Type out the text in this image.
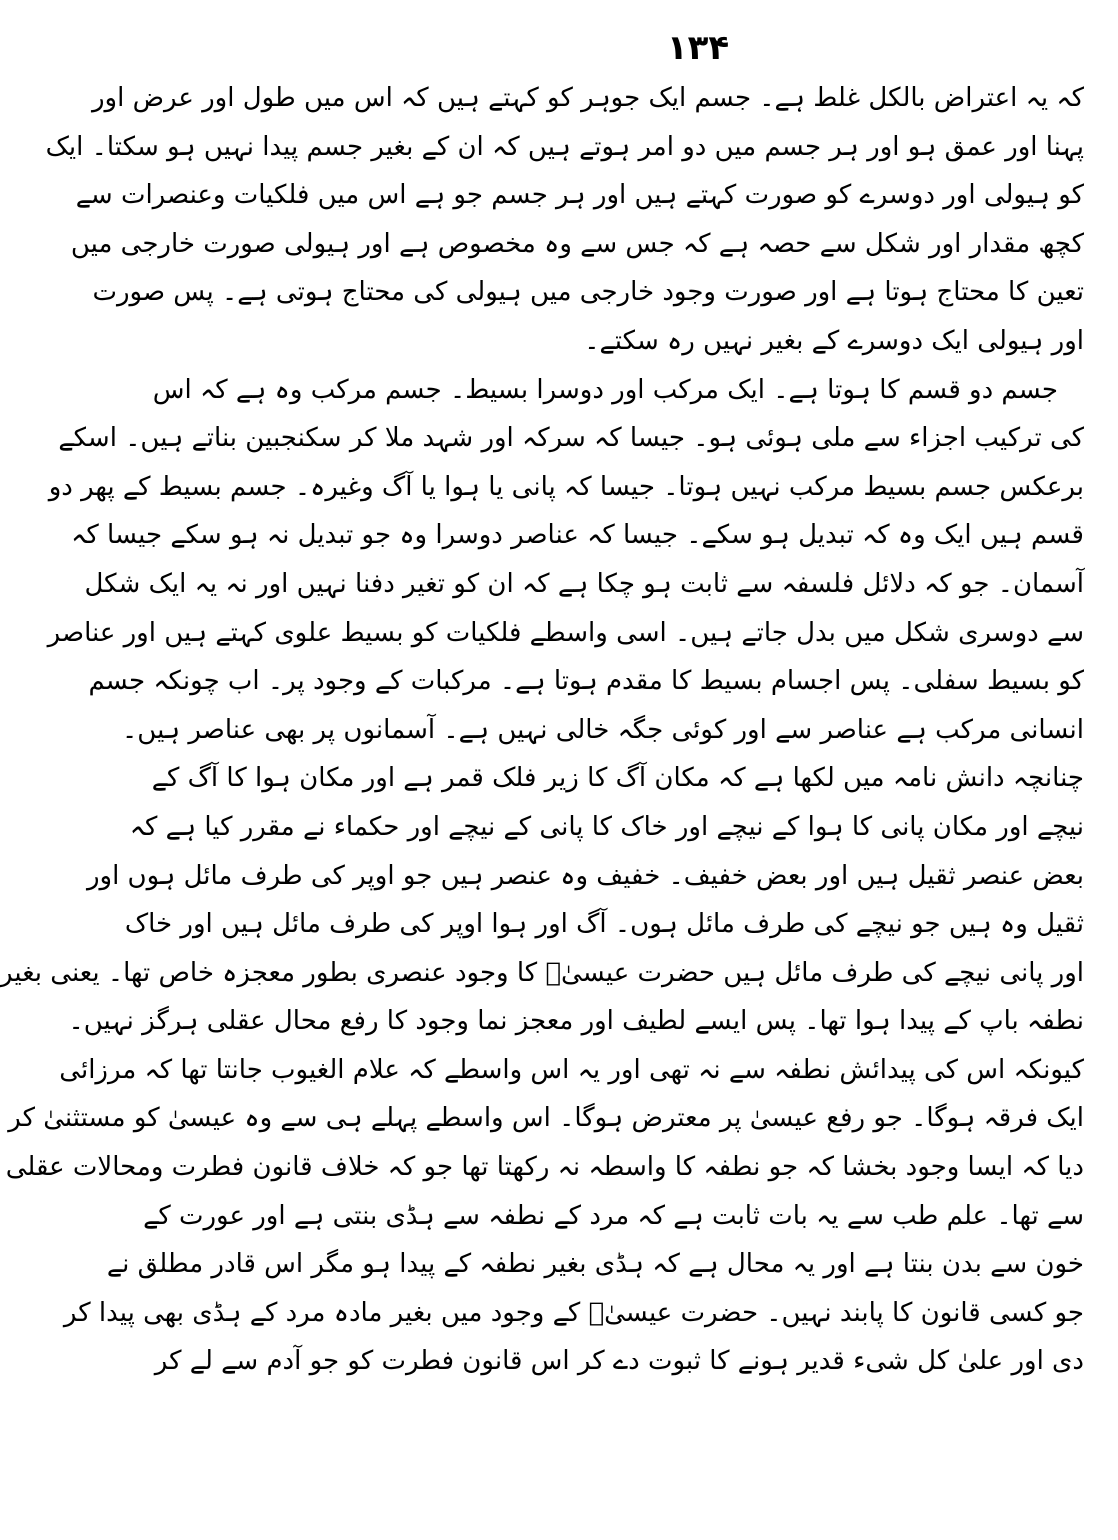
۱۳۴
کہ یہ اعتراض بالکل غلط ہے۔ جسم ایک جوہر کو کہتے ہیں کہ اس میں طول اور عرض اور
پہنا اور عمق ہو اور ہر جسم میں دو امر ہوتے ہیں کہ ان کے بغیر جسم پیدا نہیں ہو سکتا۔ ایک
کو ہیولی اور دوسرے کو صورت کہتے ہیں اور ہر جسم جو ہے اس میں فلکیات وعنصرات سے
کچھ مقدار اور شکل سے حصہ ہے کہ جس سے وہ مخصوص ہے اور ہیولی صورت خارجی میں
تعین کا محتاج ہوتا ہے اور صورت وجود خارجی میں ہیولی کی محتاج ہوتی ہے۔ پس صورت
اور ہیولی ایک دوسرے کے بغیر نہیں رہ سکتے۔
جسم دو قسم کا ہوتا ہے۔ ایک مرکب اور دوسرا بسیط۔ جسم مرکب وہ ہے کہ اس
کی ترکیب اجزاء سے ملی ہوئی ہو۔ جیسا کہ سرکہ اور شہد ملا کر سکنجبین بناتے ہیں۔ اسکے
برعکس جسم بسیط مرکب نہیں ہوتا۔ جیسا کہ پانی یا ہوا یا آگ وغیرہ۔ جسم بسیط کے پھر دو
قسم ہیں ایک وہ کہ تبدیل ہو سکے۔ جیسا کہ عناصر دوسرا وہ جو تبدیل نہ ہو سکے جیسا کہ
آسمان۔ جو کہ دلائل فلسفہ سے ثابت ہو چکا ہے کہ ان کو تغیر دفنا نہیں اور نہ یہ ایک شکل
سے دوسری شکل میں بدل جاتے ہیں۔ اسی واسطے فلکیات کو بسیط علوی کہتے ہیں اور عناصر
کو بسیط سفلی۔ پس اجسام بسیط کا مقدم ہوتا ہے۔ مرکبات کے وجود پر۔ اب چونکہ جسم
انسانی مرکب ہے عناصر سے اور کوئی جگہ خالی نہیں ہے۔ آسمانوں پر بھی عناصر ہیں۔
چنانچہ دانش نامہ میں لکھا ہے کہ مکان آگ کا زیر فلک قمر ہے اور مکان ہوا کا آگ کے
نیچے اور مکان پانی کا ہوا کے نیچے اور خاک کا پانی کے نیچے اور حکماء نے مقرر کیا ہے کہ
بعض عنصر ثقیل ہیں اور بعض خفیف۔ خفیف وہ عنصر ہیں جو اوپر کی طرف مائل ہوں اور
ثقیل وہ ہیں جو نیچے کی طرف مائل ہوں۔ آگ اور ہوا اوپر کی طرف مائل ہیں اور خاک
اور پانی نیچے کی طرف مائل ہیں حضرت عیسیٰؑ کا وجود عنصری بطور معجزہ خاص تھا۔ یعنی بغیر
نطفہ باپ کے پیدا ہوا تھا۔ پس ایسے لطیف اور معجز نما وجود کا رفع محال عقلی ہرگز نہیں۔
کیونکہ اس کی پیدائش نطفہ سے نہ تھی اور یہ اس واسطے کہ علام الغیوب جانتا تھا کہ مرزائی
ایک فرقہ ہوگا۔ جو رفع عیسیٰ پر معترض ہوگا۔ اس واسطے پہلے ہی سے وہ عیسیٰ کو مستثنیٰ کر
دیا کہ ایسا وجود بخشا کہ جو نطفہ کا واسطہ نہ رکھتا تھا جو کہ خلاف قانون فطرت ومحالات عقلی
سے تھا۔ علم طب سے یہ بات ثابت ہے کہ مرد کے نطفہ سے ہڈی بنتی ہے اور عورت کے
خون سے بدن بنتا ہے اور یہ محال ہے کہ ہڈی بغیر نطفہ کے پیدا ہو مگر اس قادر مطلق نے
جو کسی قانون کا پابند نہیں۔ حضرت عیسیٰؑ کے وجود میں بغیر مادہ مرد کے ہڈی بھی پیدا کر
دی اور علیٰ کل شیء قدیر ہونے کا ثبوت دے کر اس قانون فطرت کو جو آدم سے لے کر
